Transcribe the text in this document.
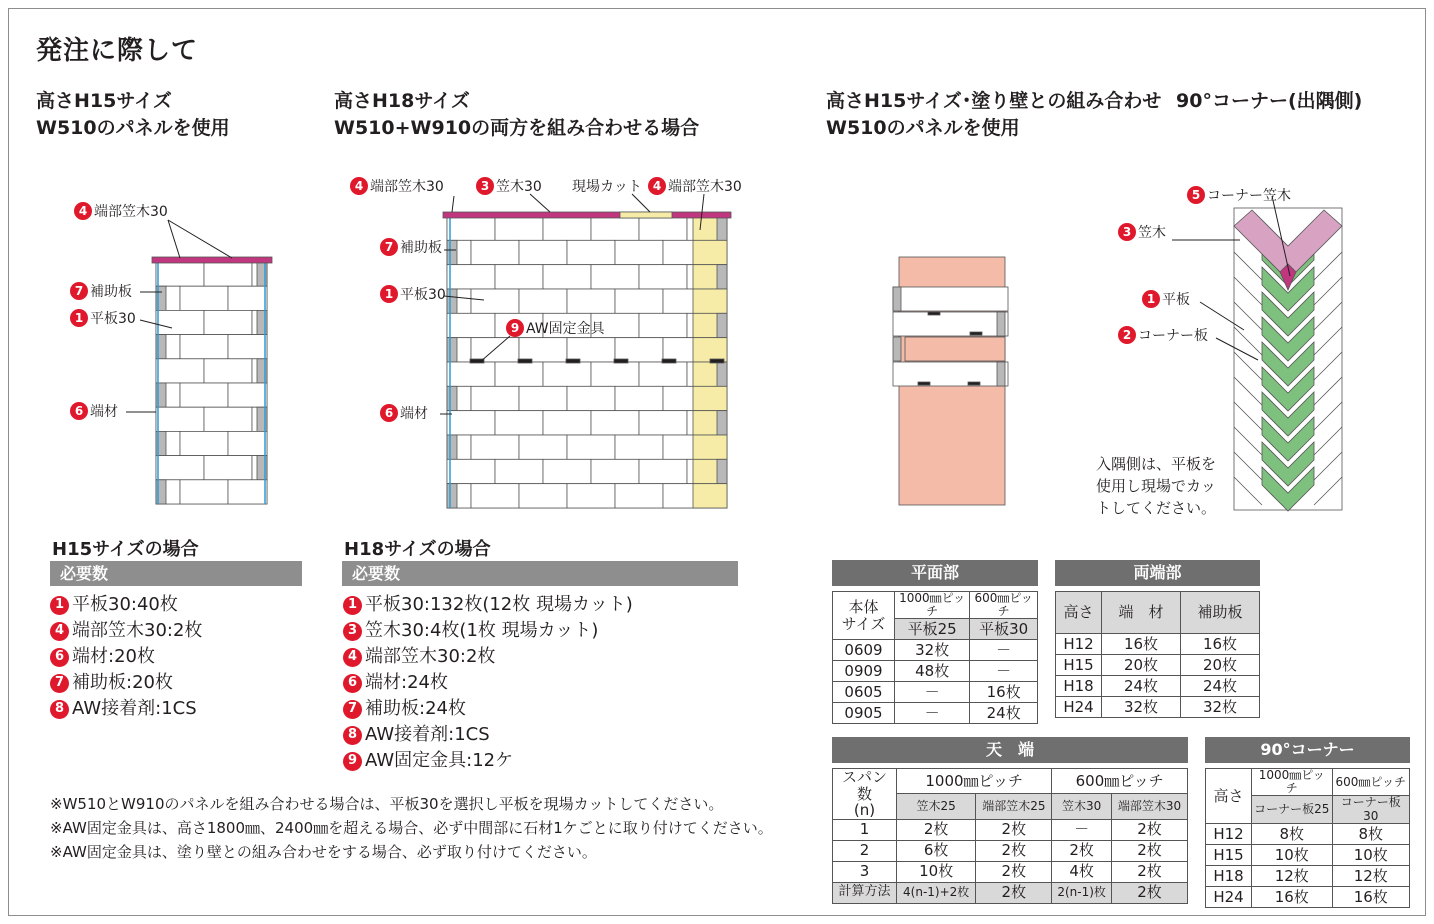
発注に際して
高さH15サイズ
W510のパネルを使用
高さH18サイズ
W510+W910の両方を組み合わせる場合
高さH15サイズ･塗り壁との組み合わせ
W510のパネルを使用
90°コーナー(出隅側)
4 端部笠木30
7 補助板
1 平板30
6 端材
4 端部笠木30	3 笠木30 現場カット 4 端部笠木30
7 補助板
1 平板30
9 AW固定金具
6 端材
5 コーナー笠木
3 笠木
1 平板
2 コーナー板
入隅側は、平板を
使用し現場でカッ
トしてください。
H15サイズの場合
必要数
1 平板30:40枚
4 端部笠木30:2枚
6 端材:20枚
7 補助板:20枚
8 AW接着剤:1CS
H18サイズの場合
必要数
1 平板30:132枚(12枚 現場カット)
3 笠木30:4枚(1枚 現場カット)
4 端部笠木30:2枚
6 端材:24枚
7 補助板:24枚
8 AW接着剤:1CS
9 AW固定金具:12ケ
※W510とW910のパネルを組み合わせる場合は、平板30を選択し平板を現場カットしてください。
※AW固定金具は、高さ1800㎜、2400㎜を超える場合、必ず中間部に石材1ケごとに取り付けてください。
※AW固定金具は、塗り壁との組み合わせをする場合、必ず取り付けてください。
平面部
本体
サイズ	1000㎜ピッチ	600㎜ピッチ
	平板25	平板30
0609	32枚	－
0909	48枚	－
0605	－	16枚
0905	－	24枚
両端部
高さ	端　材	補助板
H12	16枚	16枚
H15	20枚	20枚
H18	24枚	24枚
H24	32枚	32枚
天　端
スパン数
(n)	1000㎜ピッチ		600㎜ピッチ	
	笠木25	端部笠木25	笠木30	端部笠木30
1	2枚	2枚	－	2枚
2	6枚	2枚	2枚	2枚
3	10枚	2枚	4枚	2枚
計算方法	4(n-1)+2枚	2枚	2(n-1)枚	2枚
90°コーナー
高さ	1000㎜ピッチ	600㎜ピッチ
	コーナー板25	コーナー板30
H12	8枚	8枚
H15	10枚	10枚
H18	12枚	12枚
H24	16枚	16枚
